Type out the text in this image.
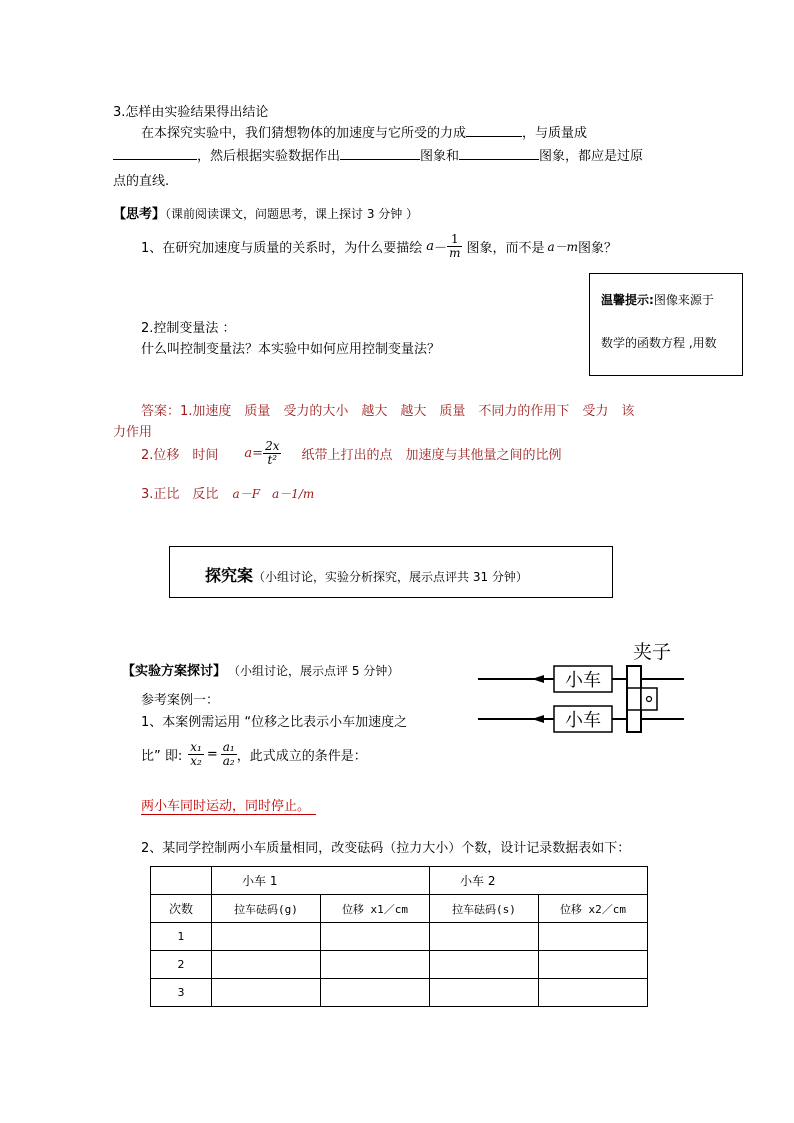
3.怎样由实验结果得出结论
在本探究实验中，我们猜想物体的加速度与它所受的力成	，与质量成
，然后根据实验数据作出	图象和	图象，都应是过原
点的直线.
【思考】（课前阅读课文，问题思考，课上探讨 3 分钟 ）
1、在研究加速度与质量的关系时，为什么要描绘 $a - \frac{1}{m}$ 图象，而不是 a－m 图象？
2.控制变量法 ：
什么叫控制变量法？本实验中如何应用控制变量法？
温馨提示:图像来源于
数学的函数方程 ,用数
答案：1.加速度　质量　受力的大小　越大　越大　质量　不同力的作用下　受力　该
力作用
2.位移　时间 $a= \frac{2x}{\text{t²}}$ 纸带上打出的点　加速度与其他量之间的比例
3.正比　反比 a－F　a－1/m
探究案（小组讨论，实验分析探究，展示点评共 31 分钟）
【实验方案探讨】 （小组讨论，展示点评 5 分钟）
参考案例一：
1、本案例需运用 “位移之比表示小车加速度之
比” 即: $\frac{\text{x₁}}{\text{x₂}} = \frac{\text{a₁}}{\text{a₂}}$ ，此式成立的条件是：
两小车同时运动，同时停止。
2、某同学控制两小车质量相同，改变砝码（拉力大小）个数，设计记录数据表如下：
夹子
小车
小车
	小车 1		小车 2	
次数	拉车砝码(g)	位移 x1／cm	拉车砝码(s)	位移 x2／cm
1				
2				
3				
